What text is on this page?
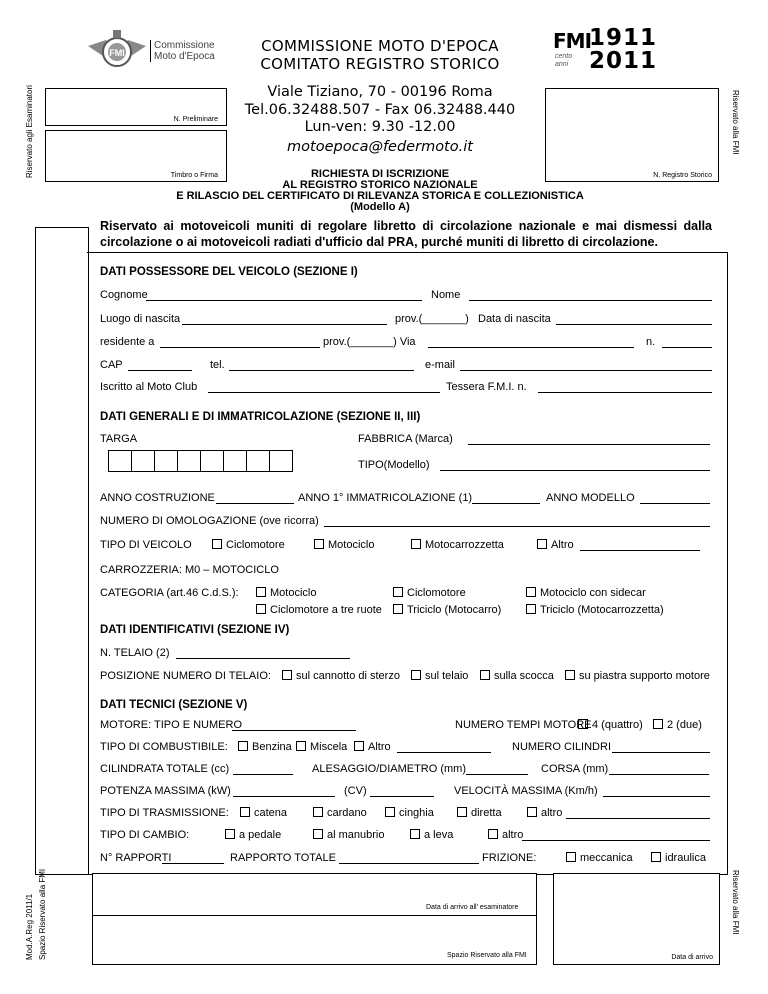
FMI
Commissione
Moto d'Epoca
COMMISSIONE MOTO D'EPOCA
COMITATO REGISTRO STORICO
FMI
cento anni
1911
2011
Viale Tiziano, 70 - 00196 Roma
Tel.06.32488.507 - Fax 06.32488.440
Lun-ven: 9.30 -12.00
motoepoca@federmoto.it
Riservato agli Esaminatori	N. Preliminare
Timbro o Firma	N. Registro Storico
Riservato alla FMI
RICHIESTA DI ISCRIZIONE
AL REGISTRO STORICO NAZIONALE
E RILASCIO DEL CERTIFICATO DI RILEVANZA STORICA E COLLEZIONISTICA
(Modello A)
Riservato ai motoveicoli muniti di regolare libretto di circolazione nazionale e mai dismessi dalla circolazione o ai motoveicoli radiati d'ufficio dal PRA, purché muniti di libretto di circolazione.
DATI POSSESSORE DEL VEICOLO (SEZIONE I)
Cognome	Nome
Luogo di nascita	prov.(_______) Data di nascita
residente a	prov.(_______) Via	n.
CAP	tel.	e-mail
Iscritto al Moto Club	Tessera F.M.I. n.
DATI GENERALI E DI IMMATRICOLAZIONE (SEZIONE II, III)
TARGA	FABBRICA (Marca)
TIPO(Modello)
ANNO COSTRUZIONE	ANNO 1° IMMATRICOLAZIONE (1)	ANNO MODELLO
NUMERO DI OMOLOGAZIONE (ove ricorra)
TIPO DI VEICOLO	Ciclomotore	Motociclo	Motocarrozzetta	Altro
CARROZZERIA: M0 – MOTOCICLO
CATEGORIA (art.46 C.d.S.):	Motociclo	Ciclomotore	Motociclo con sidecar
Ciclomotore a tre ruote	Triciclo (Motocarro)	Triciclo (Motocarrozzetta)
DATI IDENTIFICATIVI (SEZIONE IV)
N. TELAIO (2)
POSIZIONE NUMERO DI TELAIO:	sul cannotto di sterzo	sul telaio	sulla scocca	su piastra supporto motore
DATI TECNICI (SEZIONE V)
MOTORE: TIPO E NUMERO	NUMERO TEMPI MOTORE 4 (quattro)	2 (due)
TIPO DI COMBUSTIBILE:	Benzina	Miscela	Altro	NUMERO CILINDRI
CILINDRATA TOTALE (cc)	ALESAGGIO/DIAMETRO (mm)	CORSA (mm)
POTENZA MASSIMA (kW)	(CV)	VELOCITÀ MASSIMA (Km/h)
TIPO DI TRASMISSIONE:	catena	cardano	cinghia	diretta	altro
TIPO DI CAMBIO:	a pedale	al manubrio	a leva	altro
N° RAPPORTI	RAPPORTO TOTALE	FRIZIONE:	meccanica	idraulica
Mod.A.Reg 2011/1 Spazio Riservato alla FMI	Data di arrivo all' esaminatore
Spazio Riservato alla FMI	Data di arrivo
Riservato alla FMI
